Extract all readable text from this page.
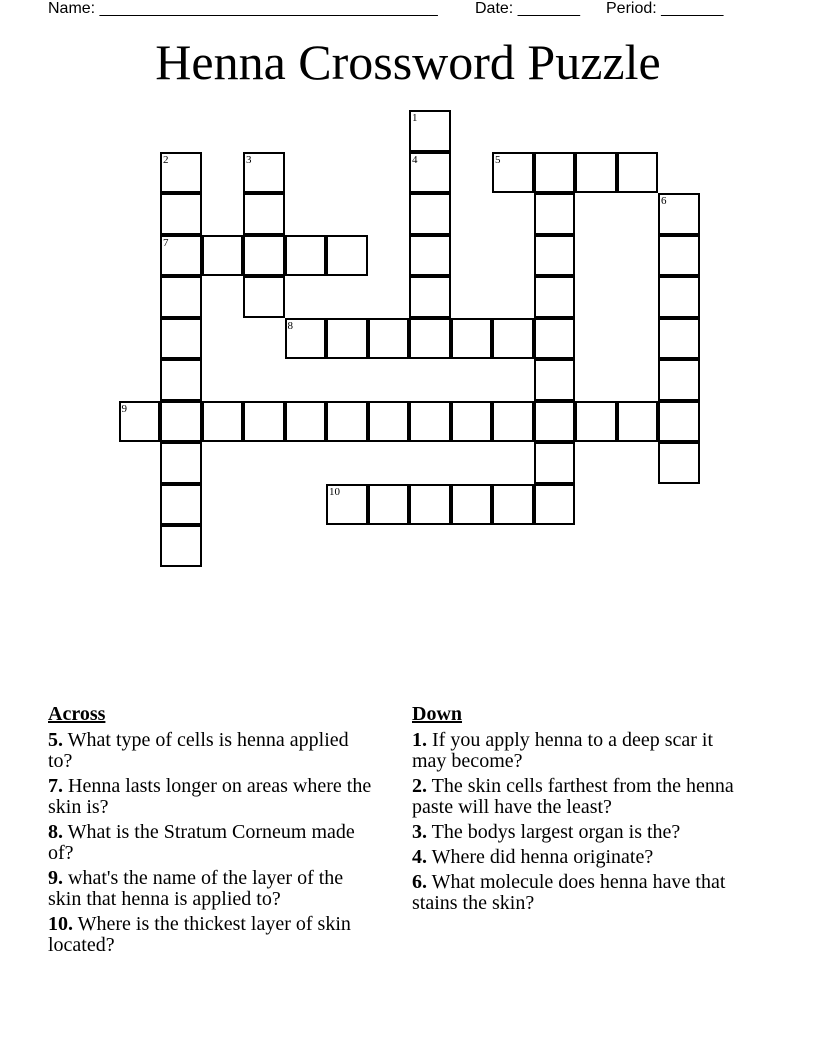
Name: ______________________________________ Date: _______ Period: _______
Henna Crossword Puzzle
1
2	3	4	5
6
7
8
9
10
Across
5. What type of cells is henna applied to?
7. Henna lasts longer on areas where the skin is?
8. What is the Stratum Corneum made of?
9. what's the name of the layer of the skin that henna is applied to?
10. Where is the thickest layer of skin located?
Down
1. If you apply henna to a deep scar it may become?
2. The skin cells farthest from the henna paste will have the least?
3. The bodys largest organ is the?
4. Where did henna originate?
6. What molecule does henna have that stains the skin?
